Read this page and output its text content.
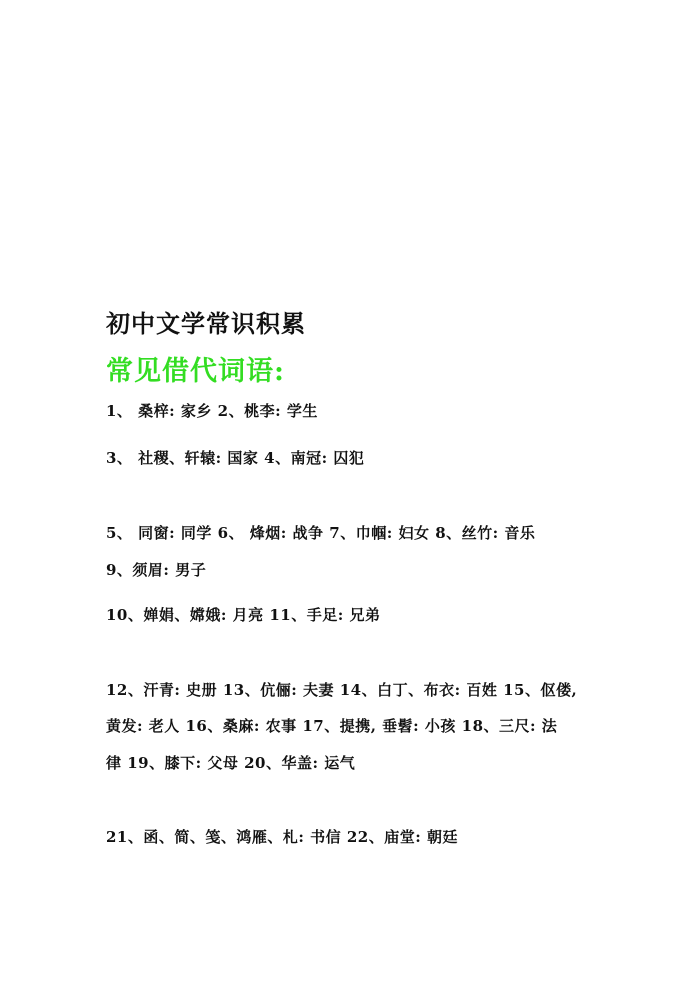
初中文学常识积累
常见借代词语:
1、 桑梓: 家乡 2、桃李: 学生
3、 社稷、轩辕: 国家 4、南冠: 囚犯
5、 同窗: 同学 6、 烽烟: 战争 7、巾帼: 妇女 8、丝竹: 音乐
9、须眉: 男子
10、婵娟、嫦娥: 月亮 11、手足: 兄弟
12、汗青: 史册 13、伉俪: 夫妻 14、白丁、布衣: 百姓 15、伛偻,
黄发: 老人 16、桑麻: 农事 17、提携, 垂髫: 小孩 18、三尺: 法
律 19、膝下: 父母 20、华盖: 运气
21、函、简、笺、鸿雁、札: 书信 22、庙堂: 朝廷
